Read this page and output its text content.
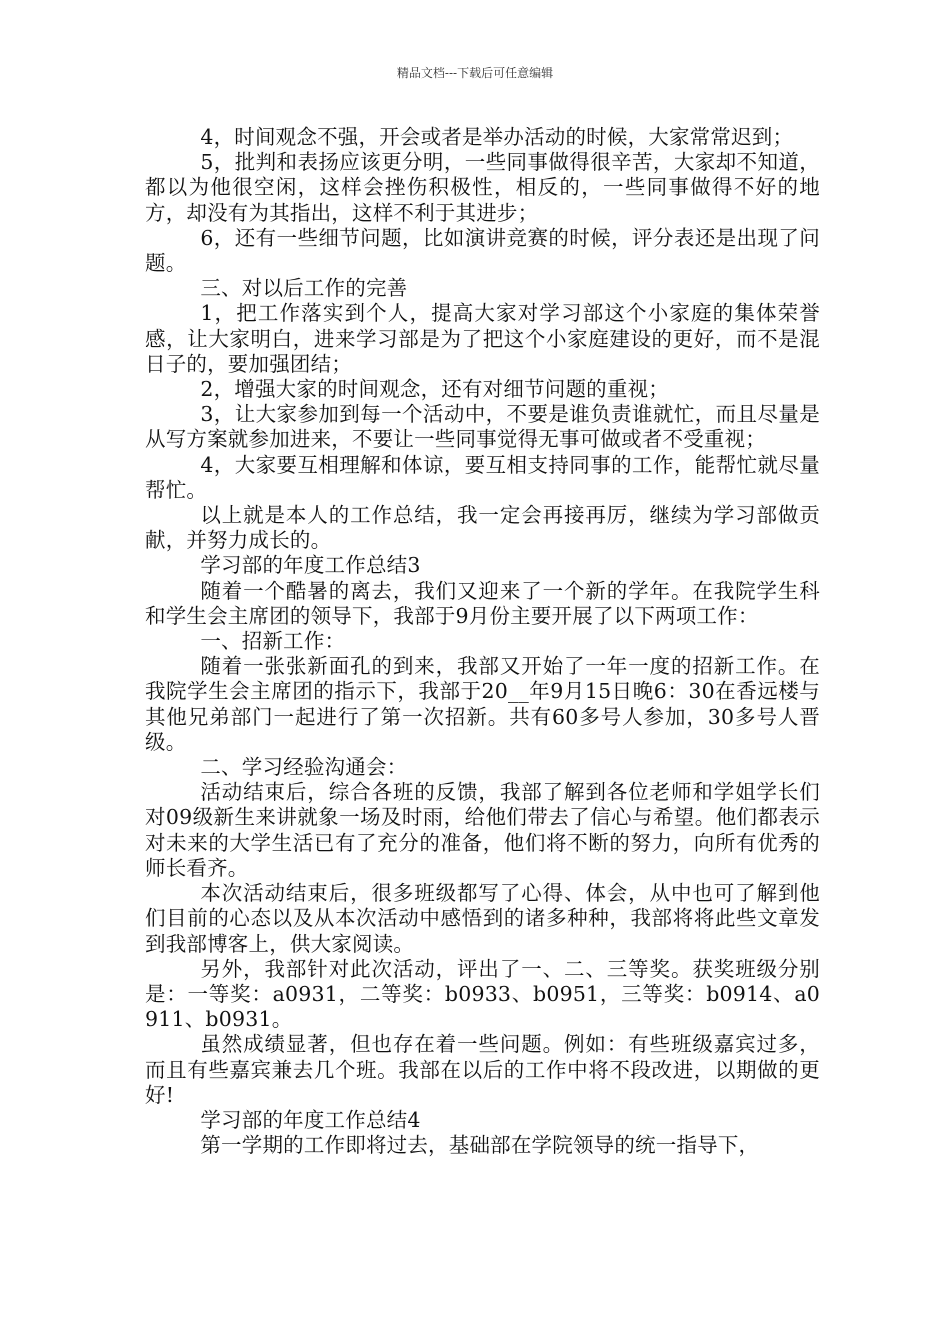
精品文档---下载后可任意编辑

4，时间观念不强，开会或者是举办活动的时候，大家常常迟到；

5，批判和表扬应该更分明，一些同事做得很辛苦，大家却不知道，都以为他很空闲，这样会挫伤积极性，相反的，一些同事做得不好的地方，却没有为其指出，这样不利于其进步；

6，还有一些细节问题，比如演讲竞赛的时候，评分表还是出现了问题。

三、对以后工作的完善

1，把工作落实到个人，提高大家对学习部这个小家庭的集体荣誉感，让大家明白，进来学习部是为了把这个小家庭建设的更好，而不是混日子的，要加强团结；

2，增强大家的时间观念，还有对细节问题的重视；

3，让大家参加到每一个活动中，不要是谁负责谁就忙，而且尽量是从写方案就参加进来，不要让一些同事觉得无事可做或者不受重视；

4，大家要互相理解和体谅，要互相支持同事的工作，能帮忙就尽量帮忙。

以上就是本人的工作总结，我一定会再接再厉，继续为学习部做贡献，并努力成长的。

学习部的年度工作总结3

随着一个酷暑的离去，我们又迎来了一个新的学年。在我院学生科和学生会主席团的领导下，我部于9月份主要开展了以下两项工作：

一、招新工作：

随着一张张新面孔的到来，我部又开始了一年一度的招新工作。在我院学生会主席团的指示下，我部于20__年9月15日晚6：30在香远楼与其他兄弟部门一起进行了第一次招新。共有60多号人参加，30多号人晋级。

二、学习经验沟通会：

活动结束后，综合各班的反馈，我部了解到各位老师和学姐学长们对09级新生来讲就象一场及时雨，给他们带去了信心与希望。他们都表示对未来的大学生活已有了充分的准备，他们将不断的努力，向所有优秀的师长看齐。

本次活动结束后，很多班级都写了心得、体会，从中也可了解到他们目前的心态以及从本次活动中感悟到的诸多种种，我部将将此些文章发到我部博客上，供大家阅读。

另外，我部针对此次活动，评出了一、二、三等奖。获奖班级分别是：一等奖：a0931，二等奖：b0933、b0951，三等奖：b0914、a0911、b0931。

虽然成绩显著，但也存在着一些问题。例如：有些班级嘉宾过多，而且有些嘉宾兼去几个班。我部在以后的工作中将不段改进，以期做的更好!

学习部的年度工作总结4

第一学期的工作即将过去，基础部在学院领导的统一指导下，
